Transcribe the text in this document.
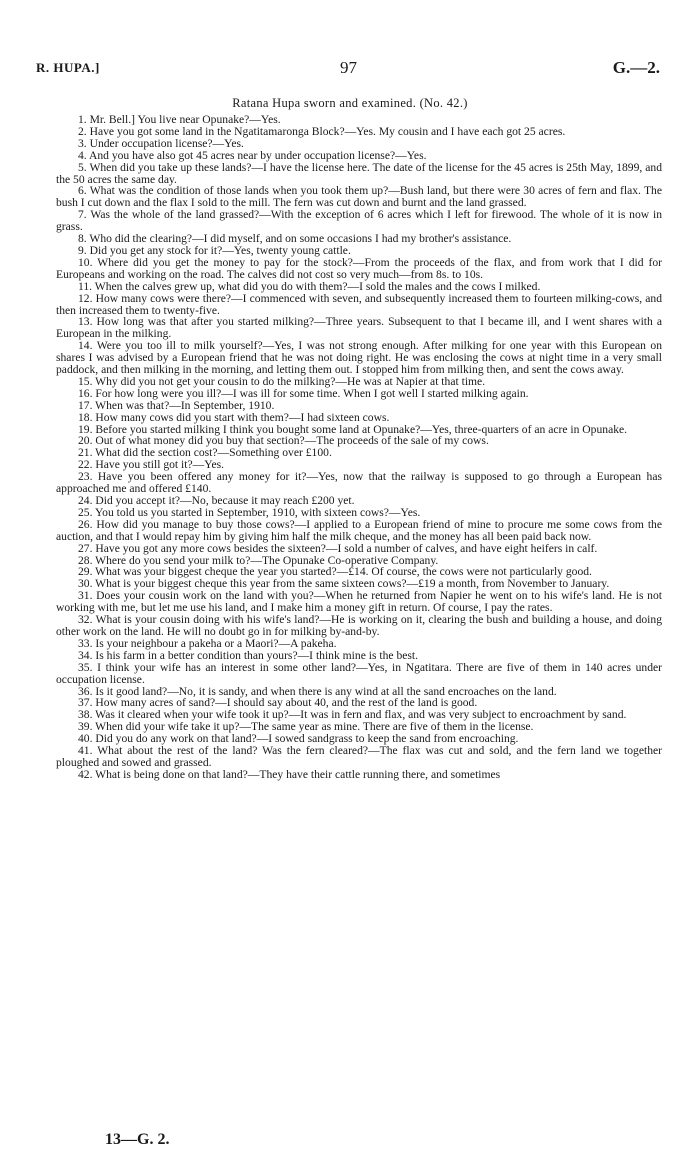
R. HUPA.]	97	G.—2.
Ratana Hupa sworn and examined. (No. 42.)

1. Mr. Bell.] You live near Opunake?—Yes.

2. Have you got some land in the Ngatitamaronga Block?—Yes. My cousin and I have each got 25 acres.

3. Under occupation license?—Yes.

4. And you have also got 45 acres near by under occupation license?—Yes.

5. When did you take up these lands?—I have the license here. The date of the license for the 45 acres is 25th May, 1899, and the 50 acres the same day.

6. What was the condition of those lands when you took them up?—Bush land, but there were 30 acres of fern and flax. The bush I cut down and the flax I sold to the mill. The fern was cut down and burnt and the land grassed.

7. Was the whole of the land grassed?—With the exception of 6 acres which I left for firewood. The whole of it is now in grass.

8. Who did the clearing?—I did myself, and on some occasions I had my brother's assistance.

9. Did you get any stock for it?—Yes, twenty young cattle.

10. Where did you get the money to pay for the stock?—From the proceeds of the flax, and from work that I did for Europeans and working on the road. The calves did not cost so very much—from 8s. to 10s.

11. When the calves grew up, what did you do with them?—I sold the males and the cows I milked.

12. How many cows were there?—I commenced with seven, and subsequently increased them to fourteen milking-cows, and then increased them to twenty-five.

13. How long was that after you started milking?—Three years. Subsequent to that I became ill, and I went shares with a European in the milking.

14. Were you too ill to milk yourself?—Yes, I was not strong enough. After milking for one year with this European on shares I was advised by a European friend that he was not doing right. He was enclosing the cows at night time in a very small paddock, and then milking in the morning, and letting them out. I stopped him from milking then, and sent the cows away.

15. Why did you not get your cousin to do the milking?—He was at Napier at that time.

16. For how long were you ill?—I was ill for some time. When I got well I started milking again.

17. When was that?—In September, 1910.

18. How many cows did you start with them?—I had sixteen cows.

19. Before you started milking I think you bought some land at Opunake?—Yes, three-quarters of an acre in Opunake.

20. Out of what money did you buy that section?—The proceeds of the sale of my cows.

21. What did the section cost?—Something over £100.

22. Have you still got it?—Yes.

23. Have you been offered any money for it?—Yes, now that the railway is supposed to go through a European has approached me and offered £140.

24. Did you accept it?—No, because it may reach £200 yet.

25. You told us you started in September, 1910, with sixteen cows?—Yes.

26. How did you manage to buy those cows?—I applied to a European friend of mine to procure me some cows from the auction, and that I would repay him by giving him half the milk cheque, and the money has all been paid back now.

27. Have you got any more cows besides the sixteen?—I sold a number of calves, and have eight heifers in calf.

28. Where do you send your milk to?—The Opunake Co-operative Company.

29. What was your biggest cheque the year you started?—£14. Of course, the cows were not particularly good.

30. What is your biggest cheque this year from the same sixteen cows?—£19 a month, from November to January.

31. Does your cousin work on the land with you?—When he returned from Napier he went on to his wife's land. He is not working with me, but let me use his land, and I make him a money gift in return. Of course, I pay the rates.

32. What is your cousin doing with his wife's land?—He is working on it, clearing the bush and building a house, and doing other work on the land. He will no doubt go in for milking by-and-by.

33. Is your neighbour a pakeha or a Maori?—A pakeha.

34. Is his farm in a better condition than yours?—I think mine is the best.

35. I think your wife has an interest in some other land?—Yes, in Ngatitara. There are five of them in 140 acres under occupation license.

36. Is it good land?—No, it is sandy, and when there is any wind at all the sand encroaches on the land.

37. How many acres of sand?—I should say about 40, and the rest of the land is good.

38. Was it cleared when your wife took it up?—It was in fern and flax, and was very subject to encroachment by sand.

39. When did your wife take it up?—The same year as mine. There are five of them in the license.

40. Did you do any work on that land?—I sowed sandgrass to keep the sand from encroaching.

41. What about the rest of the land? Was the fern cleared?—The flax was cut and sold, and the fern land we together ploughed and sowed and grassed.

42. What is being done on that land?—They have their cattle running there, and sometimes

13—G. 2.
